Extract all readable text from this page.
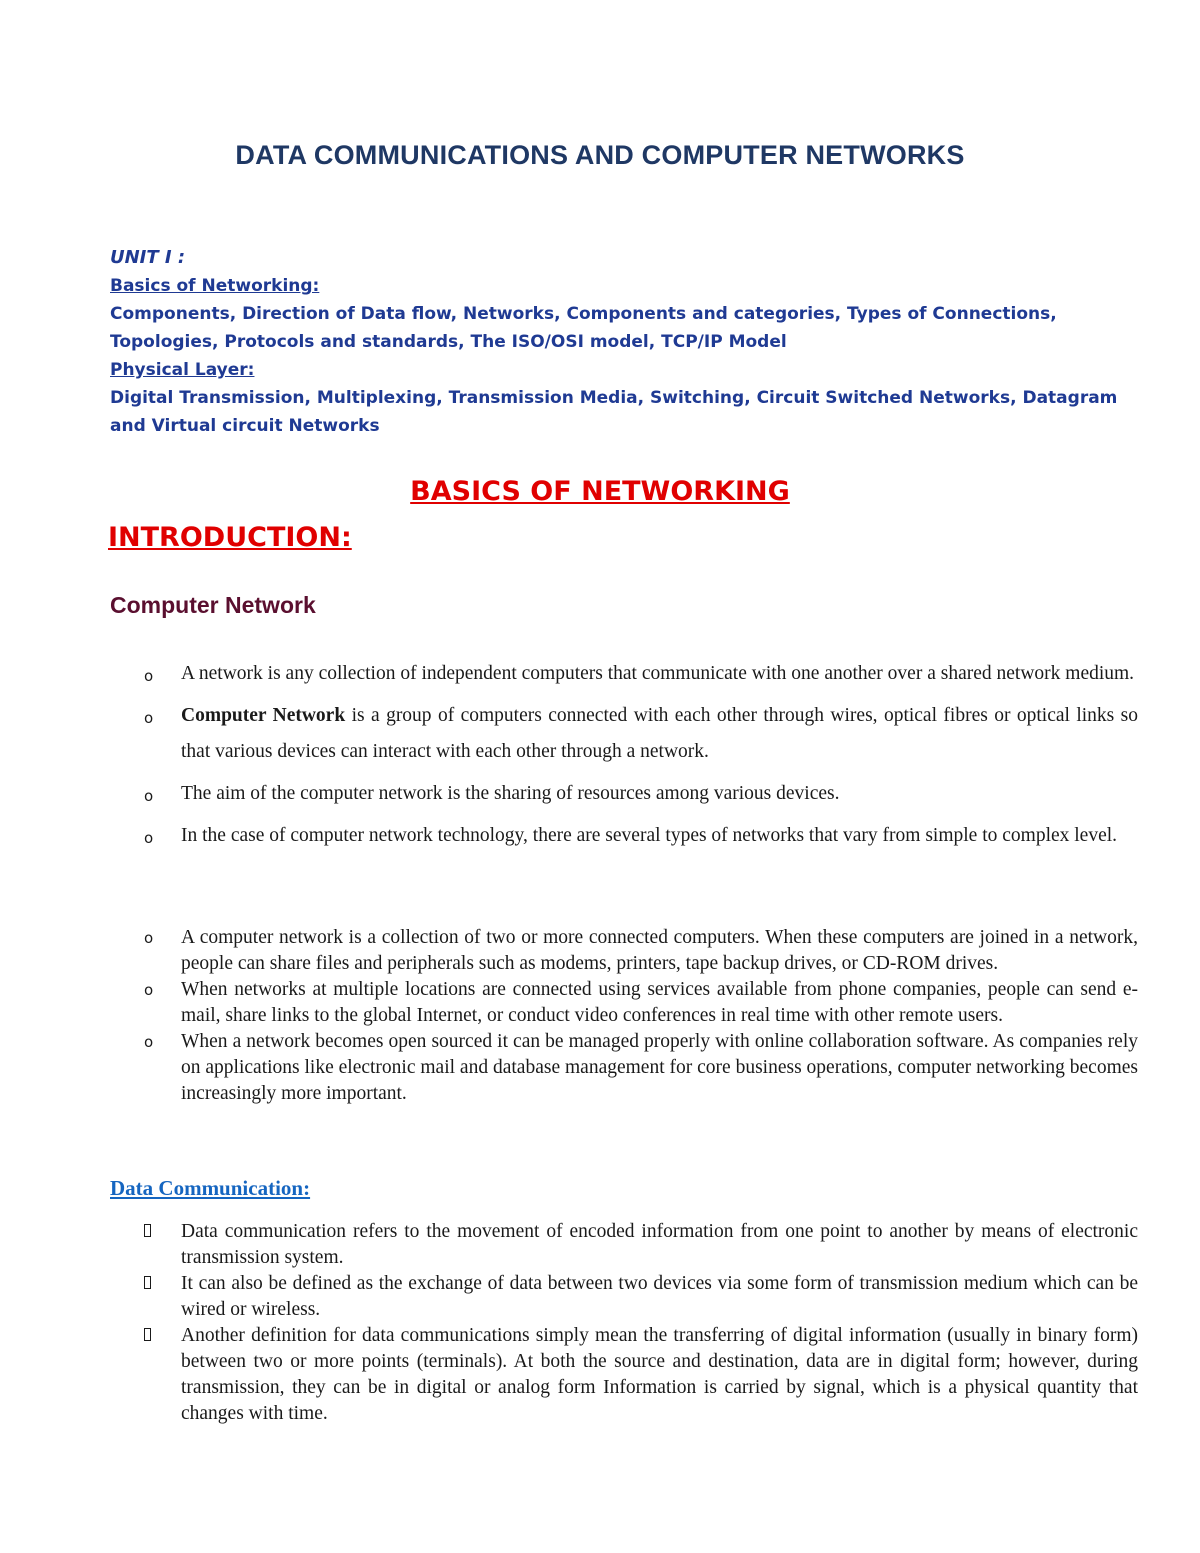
DATA COMMUNICATIONS AND COMPUTER NETWORKS
UNIT I :
Basics of Networking:
Components, Direction of Data flow, Networks, Components and categories, Types of Connections,
Topologies, Protocols and standards, The ISO/OSI model, TCP/IP Model
Physical Layer:
Digital Transmission, Multiplexing, Transmission Media, Switching, Circuit Switched Networks, Datagram
and Virtual circuit Networks
BASICS OF NETWORKING
INTRODUCTION:
Computer Network
o A network is any collection of independent computers that communicate with one another over a shared network medium.
o Computer Network is a group of computers connected with each other through wires, optical fibres or optical links so that various devices can interact with each other through a network.
o The aim of the computer network is the sharing of resources among various devices.
o In the case of computer network technology, there are several types of networks that vary from simple to complex level.
o A computer network is a collection of two or more connected computers. When these computers are joined in a network, people can share files and peripherals such as modems, printers, tape backup drives, or CD-ROM drives.
o When networks at multiple locations are connected using services available from phone companies, people can send e-mail, share links to the global Internet, or conduct video conferences in real time with other remote users.
o When a network becomes open sourced it can be managed properly with online collaboration software. As companies rely on applications like electronic mail and database management for core business operations, computer networking becomes increasingly more important.
Data Communication:
Data communication refers to the movement of encoded information from one point to another by means of electronic transmission system.
It can also be defined as the exchange of data between two devices via some form of transmission medium which can be wired or wireless.
Another definition for data communications simply mean the transferring of digital information (usually in binary form) between two or more points (terminals). At both the source and destination, data are in digital form; however, during transmission, they can be in digital or analog form Information is carried by signal, which is a physical quantity that changes with time.
